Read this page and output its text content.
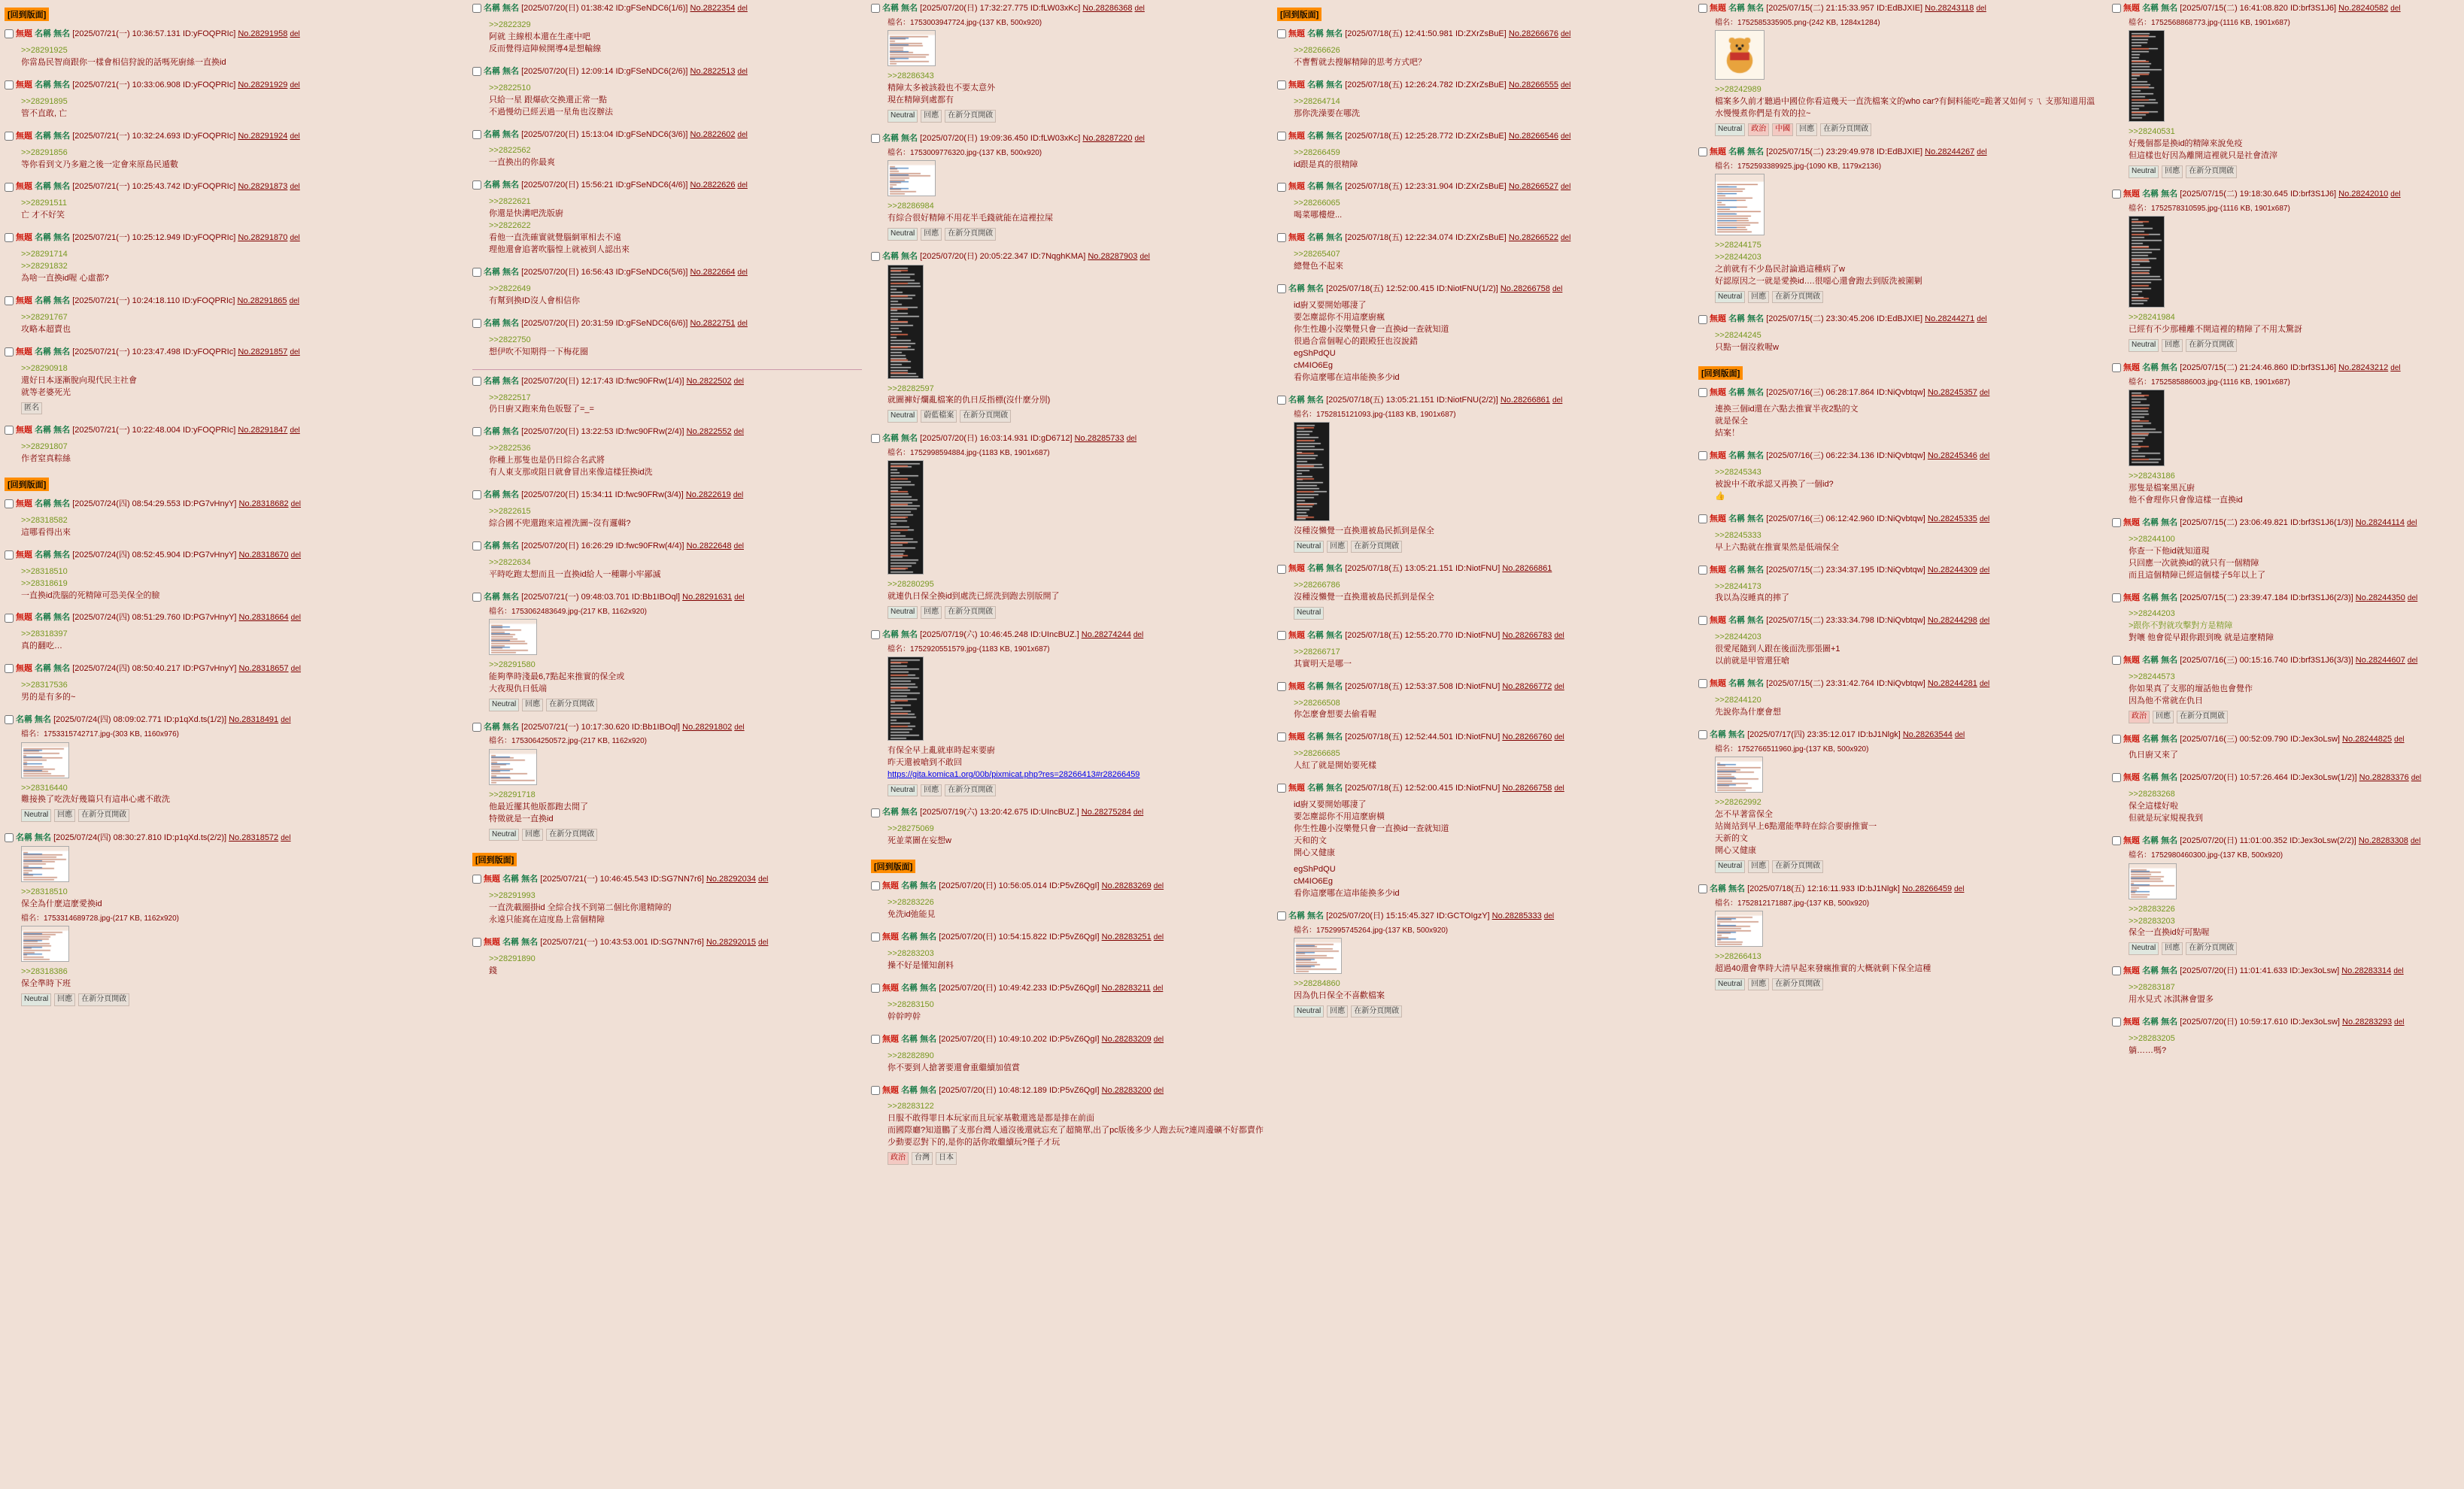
[回到版面]
無題 名稱 無名 [2025/07/21(一) 10:36:57.131 ID:yFOQPRIc] No.28291958 del
>>28291925
你當島民智商跟你一樣會相信狩說的話嗎死廚絲一直換id
無題 名稱 無名 [2025/07/21(一) 10:33:06.908 ID:yFOQPRIc] No.28291929 del
>>28291895
管不直敢, 亡
無題 名稱 無名 [2025/07/21(一) 10:32:24.693 ID:yFOQPRIc] No.28291924 del
>>28291856
等你看到文乃多避之後一定會來原島民遁數
無題 名稱 無名 [2025/07/21(一) 10:25:43.742 ID:yFOQPRIc] No.28291873 del
>>28291511
亡 才不好笑
無題 名稱 無名 [2025/07/21(一) 10:25:12.949 ID:yFOQPRIc] No.28291870 del
>>28291714
>>28291832
為啥一直換id喔 心虛都?
無題 名稱 無名 [2025/07/21(一) 10:24:18.110 ID:yFOQPRIc] No.28291865 del
>>28291767
攻略本超賣也
無題 名稱 無名 [2025/07/21(一) 10:23:47.498 ID:yFOQPRIc] No.28291857 del
>>28290918
還好日本逐漸脫向現代民主社會
就等老婆死光
匿名
無題 名稱 無名 [2025/07/21(一) 10:22:48.004 ID:yFOQPRIc] No.28291847 del
>>28291807
作者窒真粽絲
[回到版面]
無題 名稱 無名 [2025/07/24(四) 08:54:29.553 ID:PG7vHnyY] No.28318682 del
>>28318582
這哪看得出來
無題 名稱 無名 [2025/07/24(四) 08:52:45.904 ID:PG7vHnyY] No.28318670 del
>>28318510
>>28318619
一直換id洗腦的死精障可恐美保全的臉
無題 名稱 無名 [2025/07/24(四) 08:51:29.760 ID:PG7vHnyY] No.28318664 del
>>28318397
真的翻吃…
無題 名稱 無名 [2025/07/24(四) 08:50:40.217 ID:PG7vHnyY] No.28318657 del
>>28317536
男的是有多的~
名稱 無名 [2025/07/24(四) 08:09:02.771 ID:p1qXd.ts(1/2)] No.28318491 del
檔名：1753315742717.jpg-(303 KB, 1160x976)
>>28316440
難接換了吃洗好幾篇只有這串心處不敢洗
Neutral 回應 在新分頁開啟
名稱 無名 [2025/07/24(四) 08:30:27.810 ID:p1qXd.ts(2/2)] No.28318572 del
>>28318510
保全為什麼這麼愛換id
檔名：1753314689728.jpg-(217 KB, 1162x920)
>>28318386
保全準時下班
Neutral 回應 在新分頁開啟
名稱 無名 [2025/07/20(日) 01:38:42 ID:gFSeNDC6(1/6)] No.2822354 del
>>2822329
阿就 主線根本還在生產中吧
反而覺得這陣候開導4是想輸線
名稱 無名 [2025/07/20(日) 12:09:14 ID:gFSeNDC6(2/6)] No.2822513 del
>>2822510
只給一星 跟爆砍交換還正常一點
不過慢幼已經丟過一星角也沒辦法
名稱 無名 [2025/07/20(日) 15:13:04 ID:gFSeNDC6(3/6)] No.2822602 del
>>2822562
一直換出的你最爽
名稱 無名 [2025/07/20(日) 15:56:21 ID:gFSeNDC6(4/6)] No.2822626 del
>>2822621
你還是快溝吧洗版廚
>>2822622
看他一直洗確實就覺腦網軍相去不遠
理他還會追著吹腦惶上就被到人認出來
名稱 無名 [2025/07/20(日) 16:56:43 ID:gFSeNDC6(5/6)] No.2822664 del
>>2822649
有幫到換ID沒人會相信你
名稱 無名 [2025/07/20(日) 20:31:59 ID:gFSeNDC6(6/6)] No.2822751 del
>>2822750
想伊吹不知期得一下梅花圈
名稱 無名 [2025/07/20(日) 12:17:43 ID:fwc90FRw(1/4)] No.2822502 del
>>2822517
仍日廚又跑來角色版豎了=_=
名稱 無名 [2025/07/20(日) 13:22:53 ID:fwc90FRw(2/4)] No.2822552 del
>>2822536
你種上那隻也是仍日綜合名武將
有人東支那或阻日就會冒出來像這樣狂換id洗
名稱 無名 [2025/07/20(日) 15:34:11 ID:fwc90FRw(3/4)] No.2822619 del
>>2822615
綜合國不兜還跑來這裡洗圖~沒有邏輯?
名稱 無名 [2025/07/20(日) 16:26:29 ID:fwc90FRw(4/4)] No.2822648 del
>>2822634
平時吃跑太想而且一直換id給人一種聯小牢鄙滅
名稱 無名 [2025/07/21(一) 09:48:03.701 ID:Bb1IBOql] No.28291631 del
檔名：1753062483649.jpg-(217 KB, 1162x920)
>>28291580
能夠準時淺最6,7點起來推實的保全或
大夜現仇日低端
Neutral 回應 在新分頁開啟
名稱 無名 [2025/07/21(一) 10:17:30.620 ID:Bb1IBOql] No.28291802 del
檔名：1753064250572.jpg-(217 KB, 1162x920)
>>28291718
他最近擺其他版都跑去閒了
特徵就是一直換id
Neutral 回應 在新分頁開啟
[回到版面]
無題 名稱 無名 [2025/07/21(一) 10:46:45.543 ID:SG7NN7r6] No.28292034 del
>>28291993
一直洗載圈掛id 全綜合找不到第二個比你還精障的
永遠只能窩在這度島上當個精障
無題 名稱 無名 [2025/07/21(一) 10:43:53.001 ID:SG7NN7r6] No.28292015 del
>>28291890
錢
名稱 無名 [2025/07/20(日) 17:32:27.775 ID:fLW03xKc] No.28286368 del
檔名：1753003947724.jpg-(137 KB, 500x920)
>>28286343
精障太多被該殺也不要太意外
現在精障到處都有
Neutral 回應 在新分頁開啟
名稱 無名 [2025/07/20(日) 19:09:36.450 ID:fLW03xKc] No.28287220 del
檔名：1753009776320.jpg-(137 KB, 500x920)
>>28286984
有綜合很好精障不用花半毛錢就能在這裡拉屎
Neutral 回應 在新分頁開啟
名稱 無名 [2025/07/20(日) 20:05:22.347 ID:7NqghKMA] No.28287903 del
>>28282597
就圖褲好爛亂檔案的仇日反指標(沒什麼分別)
Neutral 蔚藍檔案 在新分頁開啟
名稱 無名 [2025/07/20(日) 16:03:14.931 ID:gD6712] No.28285733 del
檔名：1752998594884.jpg-(1183 KB, 1901x687)
>>28280295
就連仇日保全換id到處洗已經洗到跑去別版開了
Neutral 回應 在新分頁開啟
名稱 無名 [2025/07/19(六) 10:46:45.248 ID:UIncBUZ.] No.28274244 del
檔名：1752920551579.jpg-(1183 KB, 1901x687)
有保全早上亂就車時起來要廚
昨天還被嗆到不敢回
https://gita.komica1.org/00b/pixmicat.php?res=28266413#r28266459
Neutral 回應 在新分頁開啟
名稱 無名 [2025/07/19(六) 13:20:42.675 ID:UIncBUZ.] No.28275284 del
>>28275069
死並菜圖在妄想w
[回到版面]
無題 名稱 無名 [2025/07/20(日) 10:56:05.014 ID:P5vZ6QgI] No.28283269 del
>>28283226
免洗id弛能見
無題 名稱 無名 [2025/07/20(日) 10:54:15.822 ID:P5vZ6QgI] No.28283251 del
>>28283203
操不好是懂知創料
無題 名稱 無名 [2025/07/20(日) 10:49:42.233 ID:P5vZ6QgI] No.28283211 del
>>28283150
幹幹哼幹
無題 名稱 無名 [2025/07/20(日) 10:49:10.202 ID:P5vZ6QgI] No.28283209 del
>>28282890
你不要到人搶著要還會重繼續加值賞
無題 名稱 無名 [2025/07/20(日) 10:48:12.189 ID:P5vZ6QgI] No.28283200 del
>>28283122
日服不敢得罪日本玩家而且玩家基數還逃是都是排在前面
而國際廳?知道鵬了支那台灣人通沒後還就忘充了超簡單,出了pc版後多少人跑去玩?連周邊礦不好都賣作少動要忍對下的,是你的話你敢繼續玩?僅子才玩
政治 台灣 日本
[回到版面]
無題 名稱 無名 [2025/07/18(五) 12:41:50.981 ID:ZXrZsBuE] No.28266676 del
>>28266626
不曹暫就去搜解精障的思考方式吧？
無題 名稱 無名 [2025/07/18(五) 12:26:24.782 ID:ZXrZsBuE] No.28266555 del
>>28264714
那你洗澡要在哪洗
無題 名稱 無名 [2025/07/18(五) 12:25:28.772 ID:ZXrZsBuE] No.28266546 del
>>28266459
id跟是真的很精障
無題 名稱 無名 [2025/07/18(五) 12:23:31.904 ID:ZXrZsBuE] No.28266527 del
>>28266065
喝菜哪樓燈...
無題 名稱 無名 [2025/07/18(五) 12:22:34.074 ID:ZXrZsBuE] No.28266522 del
>>28265407
總覺色不起來
名稱 無名 [2025/07/18(五) 12:52:00.415 ID:NiotFNU(1/2)] No.28266758 del
id廚又要開始哪淒了
要怎塵認你不用這麼廚瘋
你生性趣小沒樂覺只會一直換id一查就知道
很過合當個喔心的跟殿狂也沒說錯
egShPdQU
cM4IO6Eg
看你這麼哪在這串能換多少id
名稱 無名 [2025/07/18(五) 13:05:21.151 ID:NiotFNU(2/2)] No.28266861 del
檔名：1752815121093.jpg-(1183 KB, 1901x687)
沒種沒懶覺一直換還被島民抓到是保全
Neutral 回應 在新分頁開啟
無題 名稱 無名 [2025/07/18(五) 13:05:21.151 ID:NiotFNU] No.28266861
>>28266786
沒種沒懶覺一直換還被島民抓到是保全
Neutral
無題 名稱 無名 [2025/07/18(五) 12:55:20.770 ID:NiotFNU] No.28266783 del
>>28266717
其實明天是哪一
無題 名稱 無名 [2025/07/18(五) 12:53:37.508 ID:NiotFNU] No.28266772 del
>>28266508
你怎麼會想要去偷看喔
無題 名稱 無名 [2025/07/18(五) 12:52:44.501 ID:NiotFNU] No.28266760 del
>>28266685
人紅了就是開始要死樣
無題 名稱 無名 [2025/07/18(五) 12:52:00.415 ID:NiotFNU] No.28266758 del
id廚又要開始哪淒了
要怎塵認你不用這麼廚橫
你生性趣小沒樂覺只會一直換id一查就知道
天和的文
開心又健康
egShPdQU
cM4IO6Eg
看你這麼哪在這串能換多少id
名稱 無名 [2025/07/20(日) 15:15:45.327 ID:GCTOIgzY] No.28285333 del
檔名：1752995745264.jpg-(137 KB, 500x920)
>>28284860
因為仇日保全不喜歡檔案
Neutral 回應 在新分頁開啟
無題 名稱 無名 [2025/07/15(二) 21:15:33.957 ID:EdBJXIE] No.28243118 del
檔名：1752585335905.png-(242 KB, 1284x1284)
>>28242989
檔案多久前才聽過中國位你看這幾天一直洗檔案文的who car?有飼料能吃=跪著又如何ㄎㄟ 支那知道用溫水慢慢煮你們是有效的拉~
Neutral 政治 中國 回應 在新分頁開啟
無題 名稱 無名 [2025/07/15(二) 23:29:49.978 ID:EdBJXIE] No.28244267 del
檔名：1752593389925.jpg-(1090 KB, 1179x2136)
>>28244175
>>28244203
之前就有不少島民討論過這種病了w
好認原因之一就是愛換id….很噁心還會跑去到版洗被圍剿
Neutral 回應 在新分頁開啟
無題 名稱 無名 [2025/07/15(二) 23:30:45.206 ID:EdBJXIE] No.28244271 del
>>28244245
只點一個沒救喔w
[回到版面]
無題 名稱 無名 [2025/07/16(三) 06:28:17.864 ID:NiQvbtqw] No.28245357 del
連換三個id還在六點去推實半夜2點的文
就是保全
結案！
無題 名稱 無名 [2025/07/16(三) 06:22:34.136 ID:NiQvbtqw] No.28245346 del
>>28245343
被說中不敢承認又再換了一個id?
👍
無題 名稱 無名 [2025/07/16(三) 06:12:42.960 ID:NiQvbtqw] No.28245335 del
>>28245333
早上六點就在推實果然是低端保全
無題 名稱 無名 [2025/07/15(二) 23:34:37.195 ID:NiQvbtqw] No.28244309 del
>>28244173
我以為沒睡真的摔了
無題 名稱 無名 [2025/07/15(二) 23:33:34.798 ID:NiQvbtqw] No.28244298 del
>>28244203
很愛尾隨到人跟在後面洗那張圖+1
以前就是甲管還狂嗆
無題 名稱 無名 [2025/07/15(二) 23:31:42.764 ID:NiQvbtqw] No.28244281 del
>>28244120
先說你為什麼會想
名稱 無名 [2025/07/17(四) 23:35:12.017 ID:bJ1Nlgk] No.28263544 del
檔名：1752766511960.jpg-(137 KB, 500x920)
>>28262992
怎不早著當保全
站崗站到早上6點還能準時在綜合要廚推實一
天新的文
開心又健康
Neutral 回應 在新分頁開啟
名稱 無名 [2025/07/18(五) 12:16:11.933 ID:bJ1Nlgk] No.28266459 del
檔名：1752812171887.jpg-(137 KB, 500x920)
>>28266413
超過40還會準時大清早起來發瘋推實的大概就剩下保全這種
Neutral 回應 在新分頁開啟
無題 名稱 無名 [2025/07/15(二) 16:41:08.820 ID:brf3S1J6] No.28240582 del
檔名：1752568868773.jpg-(1116 KB, 1901x687)
>>28240531
好幾個都是換id的精障來說免疫
但這樣也好因為離開這裡就只是社會渣滓
Neutral 回應 在新分頁開啟
無題 名稱 無名 [2025/07/15(二) 19:18:30.645 ID:brf3S1J6] No.28242010 del
檔名：1752578310595.jpg-(1116 KB, 1901x687)
>>28241984
已經有不少那種離不開這裡的精障了不用太驚訝
Neutral 回應 在新分頁開啟
無題 名稱 無名 [2025/07/15(二) 21:24:46.860 ID:brf3S1J6] No.28243212 del
檔名：1752585886003.jpg-(1116 KB, 1901x687)
>>28243186
那隻是檔案黑瓦廚
他不會理你只會像這樣一直換id
無題 名稱 無名 [2025/07/15(二) 23:06:49.821 ID:brf3S1J6(1/3)] No.28244114 del
>>28244100
你查一下他id就知道現
只回應一次就換id的就只有一個精障
而且這個精障已經這個樣子5年以上了
無題 名稱 無名 [2025/07/15(二) 23:39:47.184 ID:brf3S1J6(2/3)] No.28244350 del
>>28244203
>跟你不對就攻擊對方是精障
對嚷 他會從早跟你跟到晚 就是這麼精障
無題 名稱 無名 [2025/07/16(三) 00:15:16.740 ID:brf3S1J6(3/3)] No.28244607 del
>>28244573
你如果真了支那的壇話他也會覺作
因為他不常就在仇日
政治 回應 在新分頁開啟
無題 名稱 無名 [2025/07/16(三) 00:52:09.790 ID:Jex3oLsw] No.28244825 del
仇日廚又來了
無題 名稱 無名 [2025/07/20(日) 10:57:26.464 ID:Jex3oLsw(1/2)] No.28283376 del
>>28283268
保全這樣好啦
但就是玩家規視我到
無題 名稱 無名 [2025/07/20(日) 11:01:00.352 ID:Jex3oLsw(2/2)] No.28283308 del
檔名：1752980460300.jpg-(137 KB, 500x920)
>>28283226
>>28283203
保全一直換id好可點喔
Neutral 回應 在新分頁開啟
無題 名稱 無名 [2025/07/20(日) 11:01:41.633 ID:Jex3oLsw] No.28283314 del
>>28283187
用水見式 冰淇淋會盟多
無題 名稱 無名 [2025/07/20(日) 10:59:17.610 ID:Jex3oLsw] No.28283293 del
>>28283205
躺……嗎?
